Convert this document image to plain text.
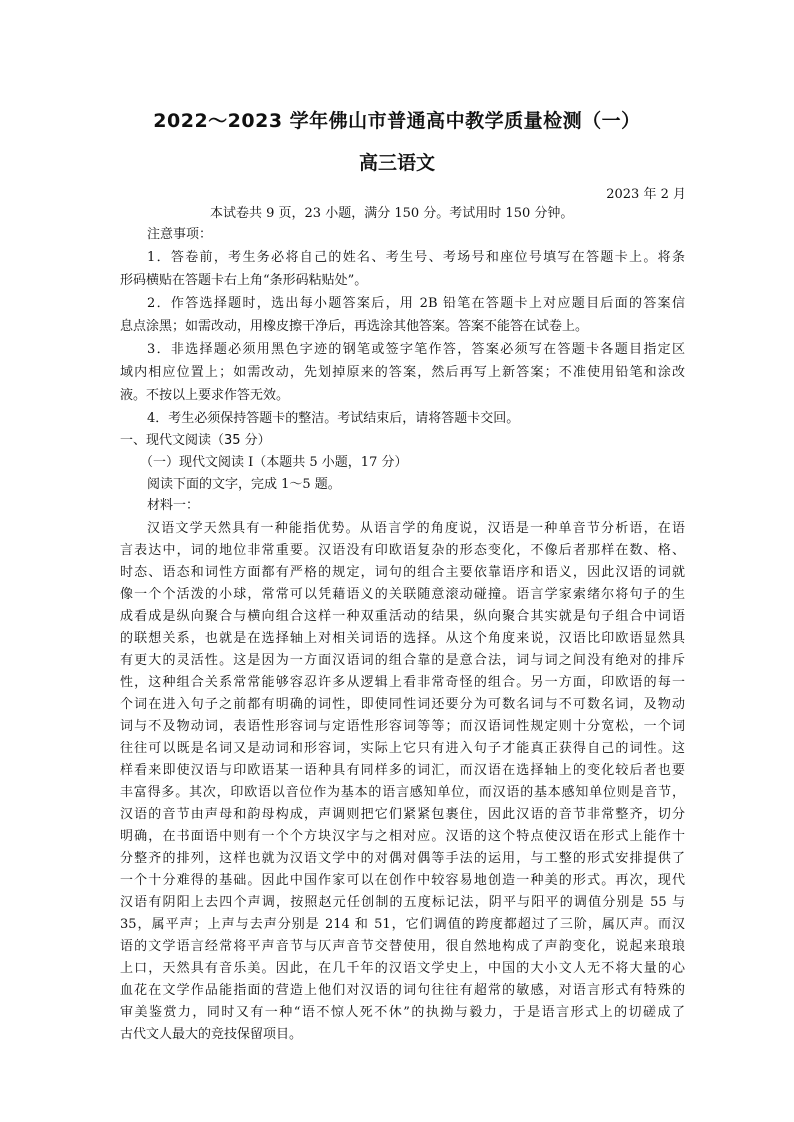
2022～2023 学年佛山市普通高中教学质量检测（一）
高三语文
2023 年 2 月
本试卷共 9 页，23 小题，满分 150 分。考试用时 150 分钟。
注意事项：
1．答卷前，考生务必将自己的姓名、考生号、考场号和座位号填写在答题卡上。将条
形码横贴在答题卡右上角“条形码粘贴处”。
2．作答选择题时，选出每小题答案后，用 2B 铅笔在答题卡上对应题目后面的答案信
息点涂黑；如需改动，用橡皮擦干净后，再选涂其他答案。答案不能答在试卷上。
3．非选择题必须用黑色字迹的钢笔或签字笔作答，答案必须写在答题卡各题目指定区
域内相应位置上；如需改动，先划掉原来的答案，然后再写上新答案；不准使用铅笔和涂改
液。不按以上要求作答无效。
4．考生必须保持答题卡的整洁。考试结束后，请将答题卡交回。
一、现代文阅读（35 分）
（一）现代文阅读 I（本题共 5 小题，17 分）
阅读下面的文字，完成 1～5 题。
材料一：
汉语文学天然具有一种能指优势。从语言学的角度说，汉语是一种单音节分析语，在语
言表达中，词的地位非常重要。汉语没有印欧语复杂的形态变化，不像后者那样在数、格、
时态、语态和词性方面都有严格的规定，词句的组合主要依靠语序和语义，因此汉语的词就
像一个个活泼的小球，常常可以凭藉语义的关联随意滚动碰撞。语言学家索绪尔将句子的生
成看成是纵向聚合与横向组合这样一种双重活动的结果，纵向聚合其实就是句子组合中词语
的联想关系，也就是在选择轴上对相关词语的选择。从这个角度来说，汉语比印欧语显然具
有更大的灵活性。这是因为一方面汉语词的组合靠的是意合法，词与词之间没有绝对的排斥
性，这种组合关系常常能够容忍许多从逻辑上看非常奇怪的组合。另一方面，印欧语的每一
个词在进入句子之前都有明确的词性，即使同性词还要分为可数名词与不可数名词，及物动
词与不及物动词，表语性形容词与定语性形容词等等；而汉语词性规定则十分宽松，一个词
往往可以既是名词又是动词和形容词，实际上它只有进入句子才能真正获得自己的词性。这
样看来即使汉语与印欧语某一语种具有同样多的词汇，而汉语在选择轴上的变化较后者也要
丰富得多。其次，印欧语以音位作为基本的语言感知单位，而汉语的基本感知单位则是音节，
汉语的音节由声母和韵母构成，声调则把它们紧紧包裹住，因此汉语的音节非常整齐，切分
明确，在书面语中则有一个个方块汉字与之相对应。汉语的这个特点使汉语在形式上能作十
分整齐的排列，这样也就为汉语文学中的对偶对偶等手法的运用，与工整的形式安排提供了
一个十分难得的基础。因此中国作家可以在创作中较容易地创造一种美的形式。再次，现代
汉语有阴阳上去四个声调，按照赵元任创制的五度标记法，阴平与阳平的调值分别是 55 与
35，属平声；上声与去声分别是 214 和 51，它们调值的跨度都超过了三阶，属仄声。而汉
语的文学语言经常将平声音节与仄声音节交替使用，很自然地构成了声韵变化，说起来琅琅
上口，天然具有音乐美。因此，在几千年的汉语文学史上，中国的大小文人无不将大量的心
血花在文学作品能指面的营造上他们对汉语的词句往往有超常的敏感，对语言形式有特殊的
审美鉴赏力，同时又有一种“语不惊人死不休”的执拗与毅力，于是语言形式上的切磋成了
古代文人最大的竞技保留项目。
